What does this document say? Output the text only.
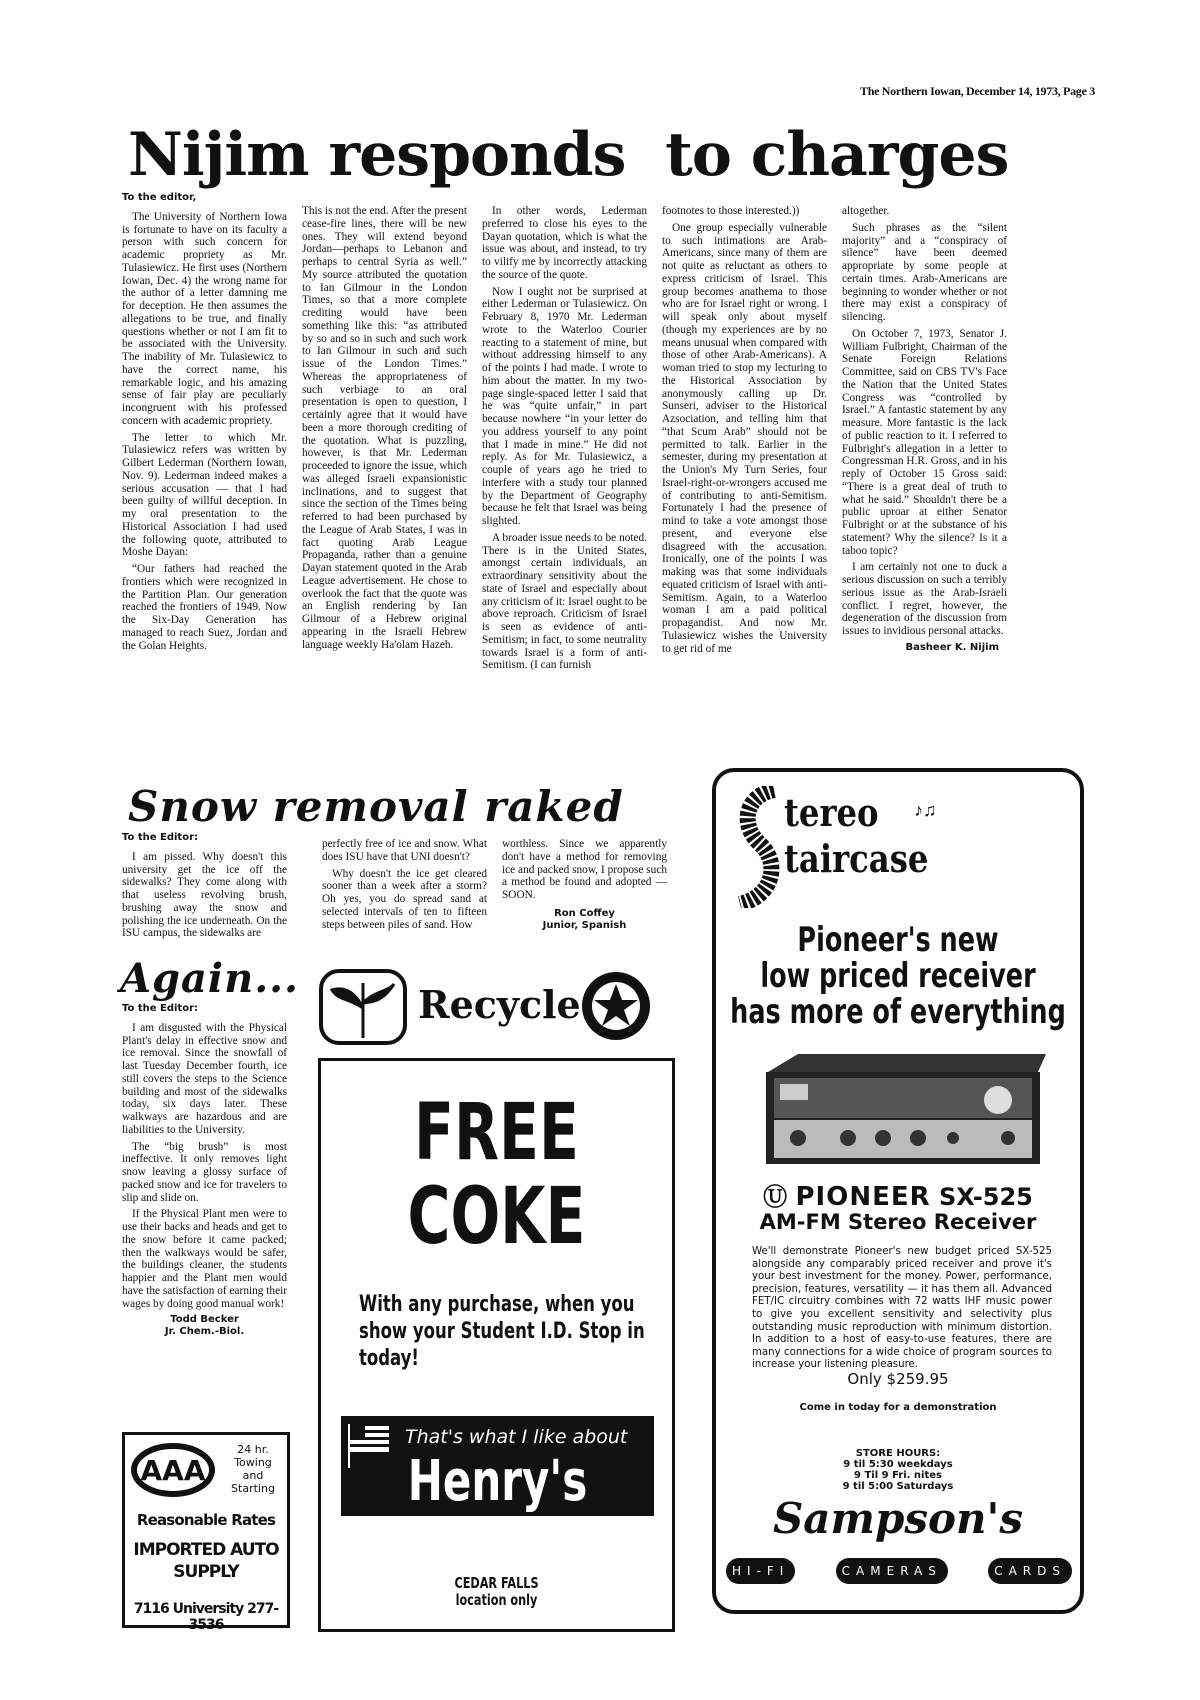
The Northern Iowan, December 14, 1973, Page 3
Nijim responds  to charges
To the editor,

The University of Northern Iowa is fortunate to have on its faculty a person with such concern for academic propriety as Mr. Tulasiewicz. He first uses (Northern Iowan, Dec. 4) the wrong name for the author of a letter damning me for deception. He then assumes the allegations to be true, and finally questions whether or not I am fit to be associated with the University. The inability of Mr. Tulasiewicz to have the correct name, his remarkable logic, and his amazing sense of fair play are peculiarly incongruent with his professed concern with academic propriety.

The letter to which Mr. Tulasiewicz refers was written by Gilbert Lederman (Northern Iowan, Nov. 9). Lederman indeed makes a serious accusation — that I had been guilty of willful deception. In my oral presentation to the Historical Association I had used the following quote, attributed to Moshe Dayan:

“Our fathers had reached the frontiers which were recognized in the Partition Plan. Our generation reached the frontiers of 1949. Now the Six-Day Generation has managed to reach Suez, Jordan and the Golan Heights.

This is not the end. After the present cease-fire lines, there will be new ones. They will extend beyond Jordan—perhaps to Lebanon and perhaps to central Syria as well.” My source attributed the quotation to Ian Gilmour in the London Times, so that a more complete crediting would have been something like this: “as attributed by so and so in such and such work to Ian Gilmour in such and such issue of the London Times.” Whereas the appropriateness of such verbiage to an oral presentation is open to question, I certainly agree that it would have been a more thorough crediting of the quotation. What is puzzling, however, is that Mr. Lederman proceeded to ignore the issue, which was alleged Israeli expansionistic inclinations, and to suggest that since the section of the Times being referred to had been purchased by the League of Arab States, I was in fact quoting Arab League Propaganda, rather than a genuine Dayan statement quoted in the Arab League advertisement. He chose to overlook the fact that the quote was an English rendering by Ian Gilmour of a Hebrew original appearing in the Israeli Hebrew language weekly Ha'olam Hazeh.

In other words, Lederman preferred to close his eyes to the Dayan quotation, which is what the issue was about, and instead, to try to vilify me by incorrectly attacking the source of the quote.

Now I ought not be surprised at either Lederman or Tulasiewicz. On February 8, 1970 Mr. Lederman wrote to the Waterloo Courier reacting to a statement of mine, but without addressing himself to any of the points I had made. I wrote to him about the matter. In my two-page single-spaced letter I said that he was “quite unfair,” in part because nowhere “in your letter do you address yourself to any point that I made in mine.” He did not reply. As for Mr. Tulasiewicz, a couple of years ago he tried to interfere with a study tour planned by the Department of Geography because he felt that Israel was being slighted.

A broader issue needs to be noted. There is in the United States, amongst certain individuals, an extraordinary sensitivity about the state of Israel and especially about any criticism of it: Israel ought to be above reproach. Criticism of Israel is seen as evidence of anti-Semitism; in fact, to some neutrality towards Israel is a form of anti-Semitism. (I can furnish

footnotes to those interested.))

One group especially vulnerable to such intimations are Arab-Americans, since many of them are not quite as reluctant as others to express criticism of Israel. This group becomes anathema to those who are for Israel right or wrong. I will speak only about myself (though my experiences are by no means unusual when compared with those of other Arab-Americans). A woman tried to stop my lecturing to the Historical Association by anonymously calling up Dr. Sunseri, adviser to the Historical Azsociation, and telling him that “that Scum Arab” should not be permitted to talk. Earlier in the semester, during my presentation at the Union's My Turn Series, four Israel-right-or-wrongers accused me of contributing to anti-Semitism. Fortunately I had the presence of mind to take a vote amongst those present, and everyone else disagreed with the accusation. Ironically, one of the points I was making was that some individuals equated criticism of Israel with anti-Semitism. Again, to a Waterloo woman I am a paid political propagandist. And now Mr. Tulasiewicz wishes the University to get rid of me

altogether.

Such phrases as the “silent majority” and a “conspiracy of silence” have been deemed appropriate by some people at certain times. Arab-Americans are beginning to wonder whether or not there may exist a conspiracy of silencing.

On October 7, 1973, Senator J. William Fulbright, Chairman of the Senate Foreign Relations Committee, said on CBS TV's Face the Nation that the United States Congress was “controlled by Israel.” A fantastic statement by any measure. More fantastic is the lack of public reaction to it. I referred to Fulbright's allegation in a letter to Congressman H.R. Gross, and in his reply of October 15 Gross said: “There is a great deal of truth to what he said.” Shouldn't there be a public uproar at either Senator Fulbright or at the substance of his statement? Why the silence? Is it a taboo topic?

I am certainly not one to duck a serious discussion on such a terribly serious issue as the Arab-Israeli conflict. I regret, however, the degeneration of the discussion from issues to invidious personal attacks.

Basheer K. Nijim
Snow removal raked
To the Editor:

I am pissed. Why doesn't this university get the ice off the sidewalks? They come along with that useless revolving brush, brushing away the snow and polishing the ice underneath. On the ISU campus, the sidewalks are

perfectly free of ice and snow. What does ISU have that UNI doesn't?

Why doesn't the ice get cleared sooner than a week after a storm? Oh yes, you do spread sand at selected intervals of ten to fifteen steps between piles of sand. How

worthless. Since we apparently don't have a method for removing ice and packed snow, I propose such a method be found and adopted —SOON.

Ron Coffey
Junior, Spanish
Again...
To the Editor:

I am disgusted with the Physical Plant's delay in effective snow and ice removal. Since the snowfall of last Tuesday December fourth, ice still covers the steps to the Science building and most of the sidewalks today, six days later. These walkways are hazardous and are liabilities to the University.

The “big brush” is most ineffective. It only removes light snow leaving a glossy surface of packed snow and ice for travelers to slip and slide on.

If the Physical Plant men were to use their backs and heads and get to the snow before it came packed; then the walkways would be safer, the buildings cleaner, the students happier and the Plant men would have the satisfaction of earning their wages by doing good manual work!

Todd Becker
Jr. Chem.-Biol.
AAA
24 hr.
Towing
and
Starting
Reasonable Rates
IMPORTED AUTO
SUPPLY
7116 University 277-3536
Recycle
FREE
COKE
With any purchase, when you show your Student I.D. Stop in today!
That's what I like about
Henry's
CEDAR FALLS
location only
tereo
taircase
♪♫
Pioneer's new
low priced receiver
has more of everything
Ⓤ PIONEER SX-525
AM-FM Stereo Receiver
We'll demonstrate Pioneer's new budget priced SX-525 alongside any comparably priced receiver and prove it's your best investment for the money. Power, performance, precision, features, versatility — it has them all. Advanced FET/IC circuitry combines with 72 watts IHF music power to give you excellent sensitivity and selectivity plus outstanding music reproduction with minimum distortion. In addition to a host of easy-to-use features, there are many connections for a wide choice of program sources to increase your listening pleasure.
Only $259.95
Come in today for a demonstration
STORE HOURS:
9 til 5:30 weekdays
9 Til 9 Fri. nites
9 til 5:00 Saturdays
Sampson's
HI-FI	CAMERAS	CARDS
